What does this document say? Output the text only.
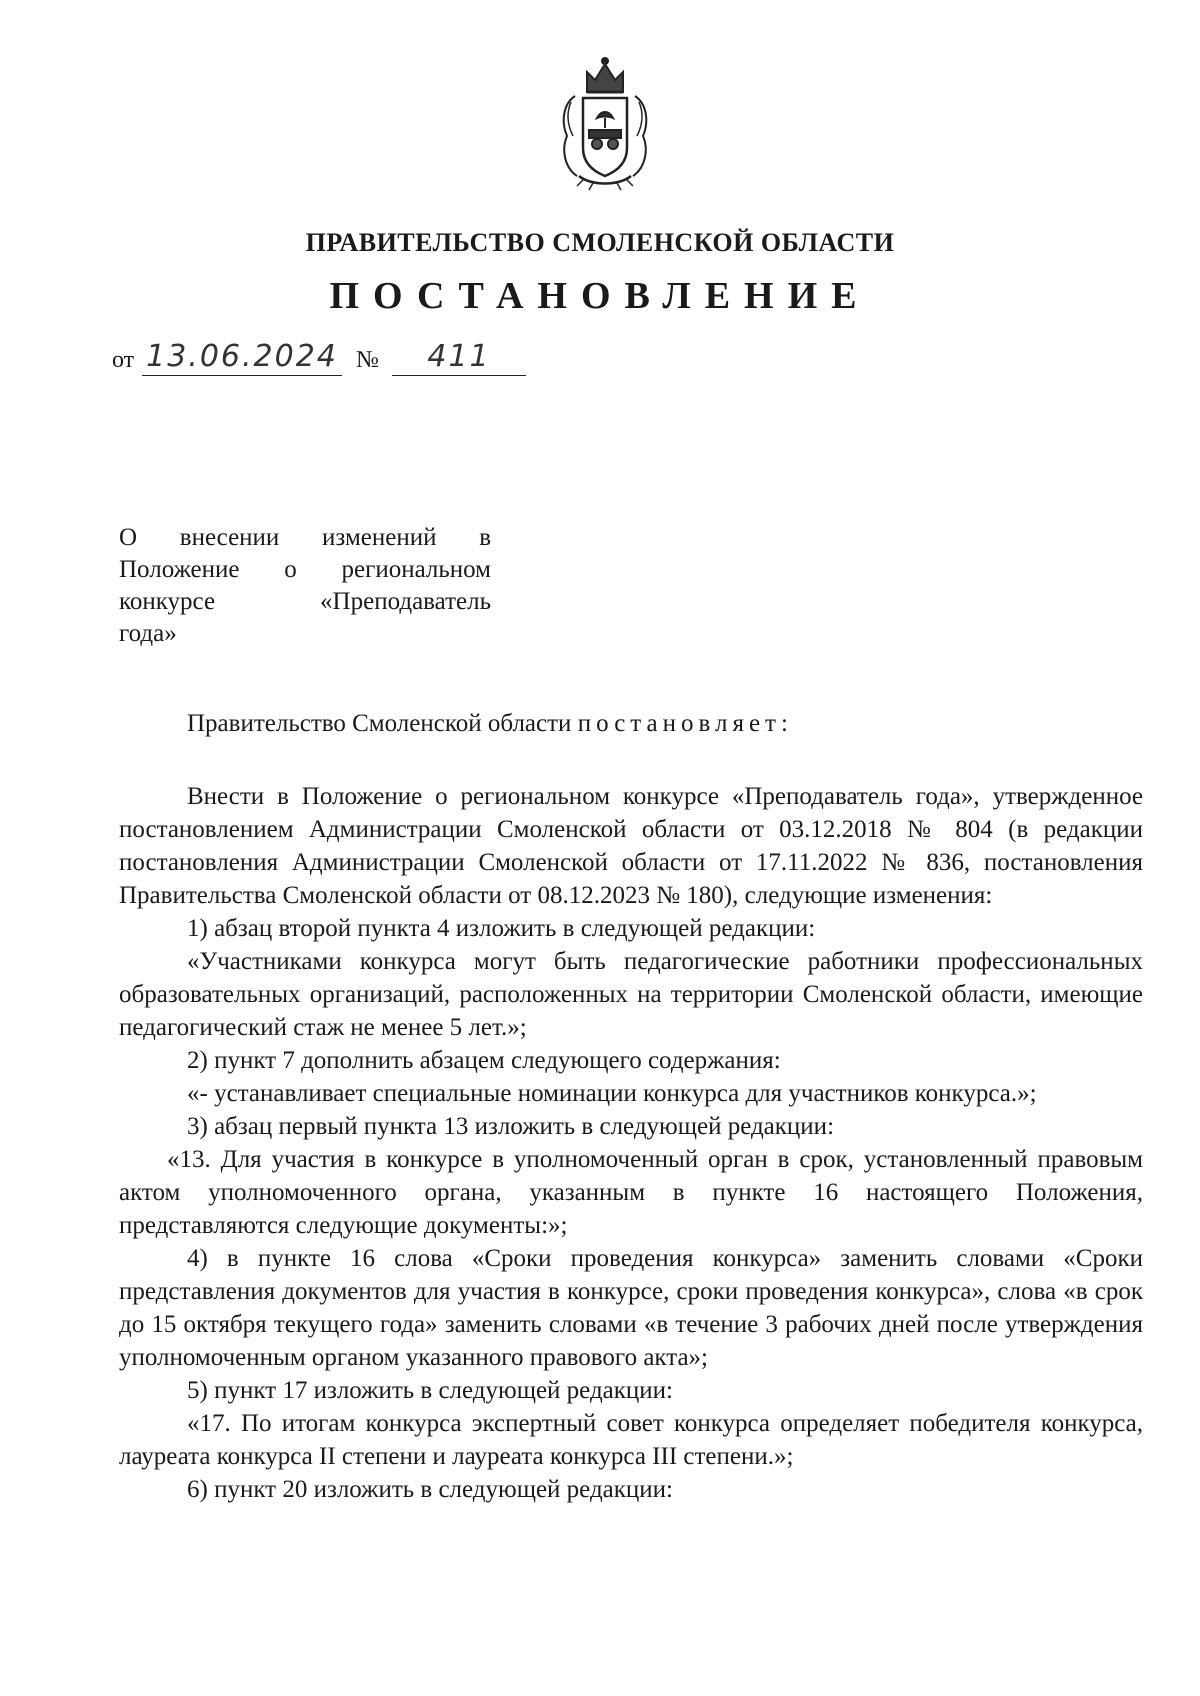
ПРАВИТЕЛЬСТВО СМОЛЕНСКОЙ ОБЛАСТИ
ПОСТАНОВЛЕНИЕ
от 13.06.2024 №	411
О внесении изменений в
Положение о региональном
конкурсе «Преподаватель
года»

Правительство Смоленской области постановляет:

Внести в Положение о региональном конкурсе «Преподаватель года», утвержденное постановлением Администрации Смоленской области от 03.12.2018 № 804 (в редакции постановления Администрации Смоленской области от 17.11.2022 № 836, постановления Правительства Смоленской области от 08.12.2023 № 180), следующие изменения:

1) абзац второй пункта 4 изложить в следующей редакции:

«Участниками конкурса могут быть педагогические работники профессиональных образовательных организаций, расположенных на территории Смоленской области, имеющие педагогический стаж не менее 5 лет.»;

2) пункт 7 дополнить абзацем следующего содержания:

«- устанавливает специальные номинации конкурса для участников конкурса.»;

3) абзац первый пункта 13 изложить в следующей редакции:

«13. Для участия в конкурсе в уполномоченный орган в срок, установленный правовым актом уполномоченного органа, указанным в пункте 16 настоящего Положения, представляются следующие документы:»;

4) в пункте 16 слова «Сроки проведения конкурса» заменить словами «Сроки представления документов для участия в конкурсе, сроки проведения конкурса», слова «в срок до 15 октября текущего года» заменить словами «в течение 3 рабочих дней после утверждения уполномоченным органом указанного правового акта»;

5) пункт 17 изложить в следующей редакции:

«17. По итогам конкурса экспертный совет конкурса определяет победителя конкурса, лауреата конкурса II степени и лауреата конкурса III степени.»;

6) пункт 20 изложить в следующей редакции:
